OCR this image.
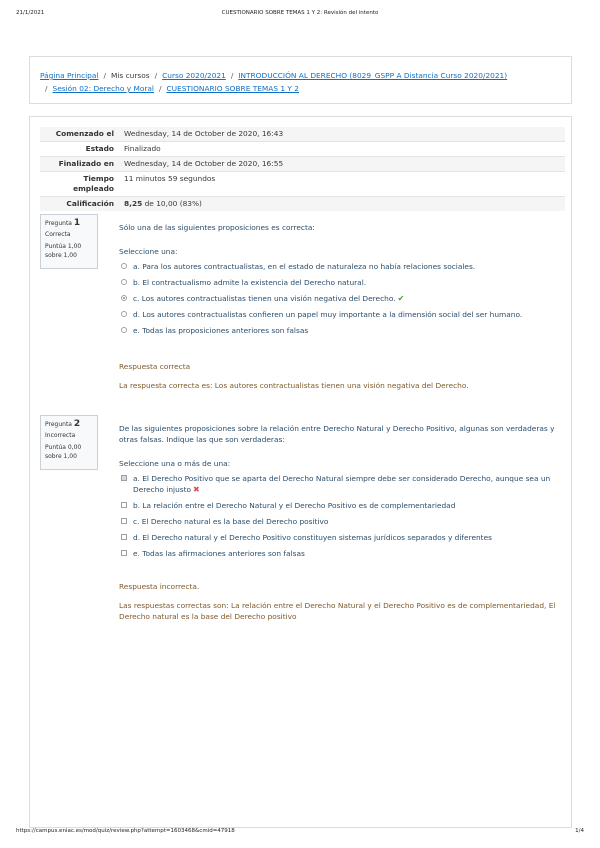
21/1/2021	CUESTIONARIO SOBRE TEMAS 1 Y 2: Revisión del intento
Página Principal / Mis cursos / Curso 2020/2021 / INTRODUCCIÓN AL DERECHO (8029_GSPP A Distancia Curso 2020/2021)
/ Sesión 02: Derecho y Moral / CUESTIONARIO SOBRE TEMAS 1 Y 2
Comenzado el	Wednesday, 14 de October de 2020, 16:43
Estado	Finalizado
Finalizado en	Wednesday, 14 de October de 2020, 16:55
Tiempo empleado	11 minutos 59 segundos
Calificación	8,25 de 10,00 (83%)
Pregunta 1
Correcta
Puntúa 1,00 sobre 1,00
Sólo una de las siguientes proposiciones es correcta:
Seleccione una:
a. Para los autores contractualistas, en el estado de naturaleza no había relaciones sociales.
b. El contractualismo admite la existencia del Derecho natural.
c. Los autores contractualistas tienen una visión negativa del Derecho. ✔
d. Los autores contractualistas confieren un papel muy importante a la dimensión social del ser humano.
e. Todas las proposiciones anteriores son falsas
Respuesta correcta
La respuesta correcta es: Los autores contractualistas tienen una visión negativa del Derecho.
Pregunta 2
Incorrecta
Puntúa 0,00 sobre 1,00
De las siguientes proposiciones sobre la relación entre Derecho Natural y Derecho Positivo, algunas son verdaderas y otras falsas. Indique las que son verdaderas:
Seleccione una o más de una:
a. El Derecho Positivo que se aparta del Derecho Natural siempre debe ser considerado Derecho, aunque sea un Derecho injusto ✖
b. La relación entre el Derecho Natural y el Derecho Positivo es de complementariedad
c. El Derecho natural es la base del Derecho positivo
d. El Derecho natural y el Derecho Positivo constituyen sistemas jurídicos separados y diferentes
e. Todas las afirmaciones anteriores son falsas
Respuesta incorrecta.
Las respuestas correctas son: La relación entre el Derecho Natural y el Derecho Positivo es de complementariedad, El Derecho natural es la base del Derecho positivo
https://campus.eniac.es/mod/quiz/review.php?attempt=1603468&cmid=47918	1/4
